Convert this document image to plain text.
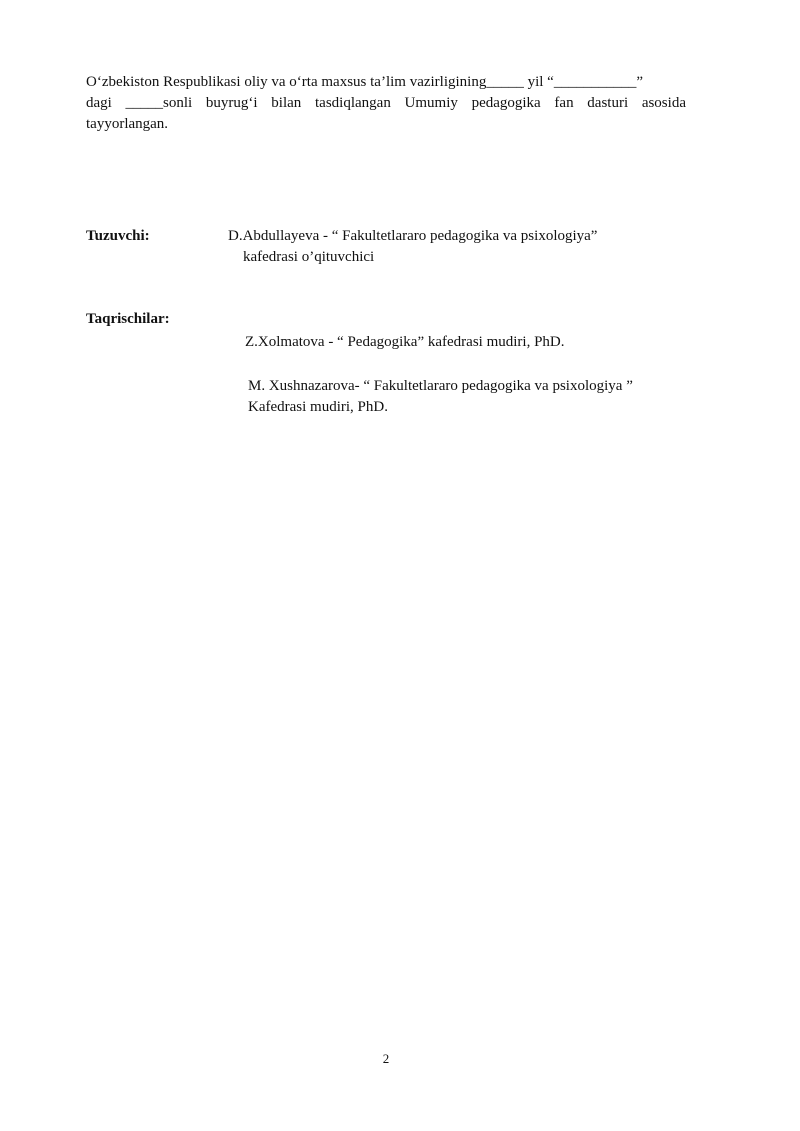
O‘zbekiston Respublikasi oliy va o‘rta maxsus ta’lim vazirligining_____ yil “___________”
dagi _____sonli buyrug‘i bilan tasdiqlangan Umumiy pedagogika fan dasturi asosida
tayyorlangan.
Tuzuvchi:	D.Abdullayeva - “ Fakultetlararo pedagogika va psixologiya”
kafedrasi o’qituvchici
Taqrischilar:
Z.Xolmatova - “ Pedagogika” kafedrasi mudiri, PhD.
M. Xushnazarova- “ Fakultetlararo pedagogika va psixologiya ”
Kafedrasi mudiri, PhD.
2
